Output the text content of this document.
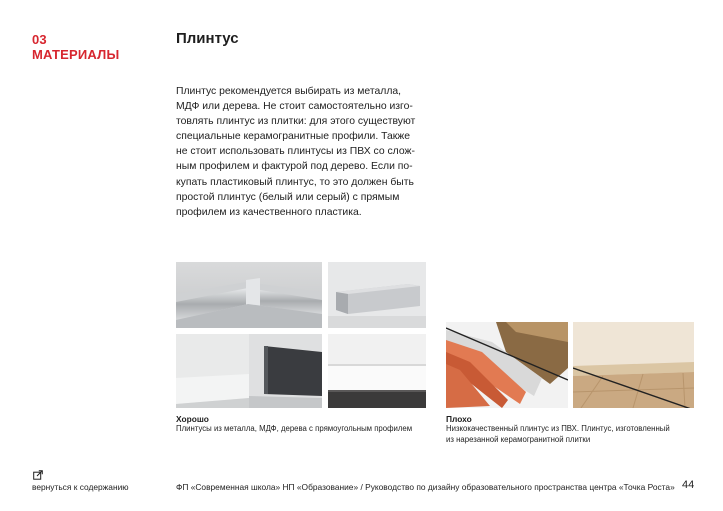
03
МАТЕРИАЛЫ
Плинтус

Плинтус рекомендуется выбирать из металла,

МДФ или дерева. Не стоит самостоятельно изго-

товлять плинтус из плитки: для этого существуют

специальные керамогранитные профили. Также

не стоит использовать плинтусы из ПВХ со слож-

ным профилем и фактурой под дерево. Если по-

купать пластиковый плинтус, то это должен быть

простой плинтус (белый или серый) с прямым

профилем из качественного пластика.

Хорошо
Плинтусы из металла, МДФ, дерева с прямоугольным профилем
Плохо
Низкокачественный плинтус из ПВХ. Плинтус, изготовленный
из нарезанной керамогранитной плитки
вернуться к содержанию	ФП «Современная школа» НП «Образование» / Руководство по дизайну образовательного пространства центра «Точка Роста» 44
